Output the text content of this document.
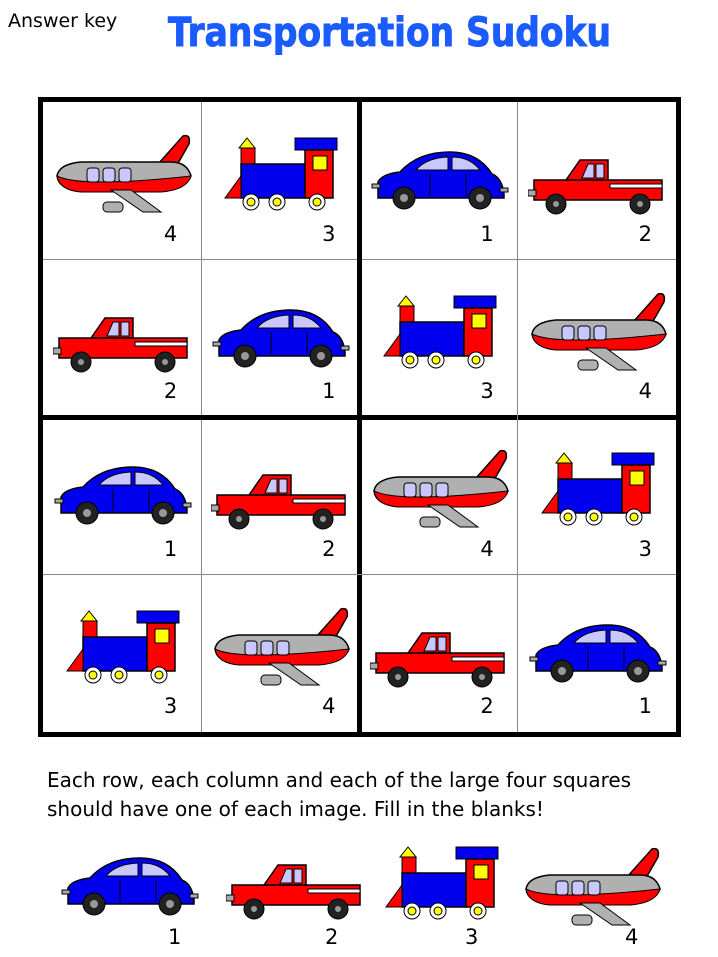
Answer key Transportation Sudoku
4	3	1	2
2	1	3	4
1	2	4	3
3	4	2	1
Each row, each column and each of the large four squares
should have one of each image. Fill in the blanks!
1	2	3	4
